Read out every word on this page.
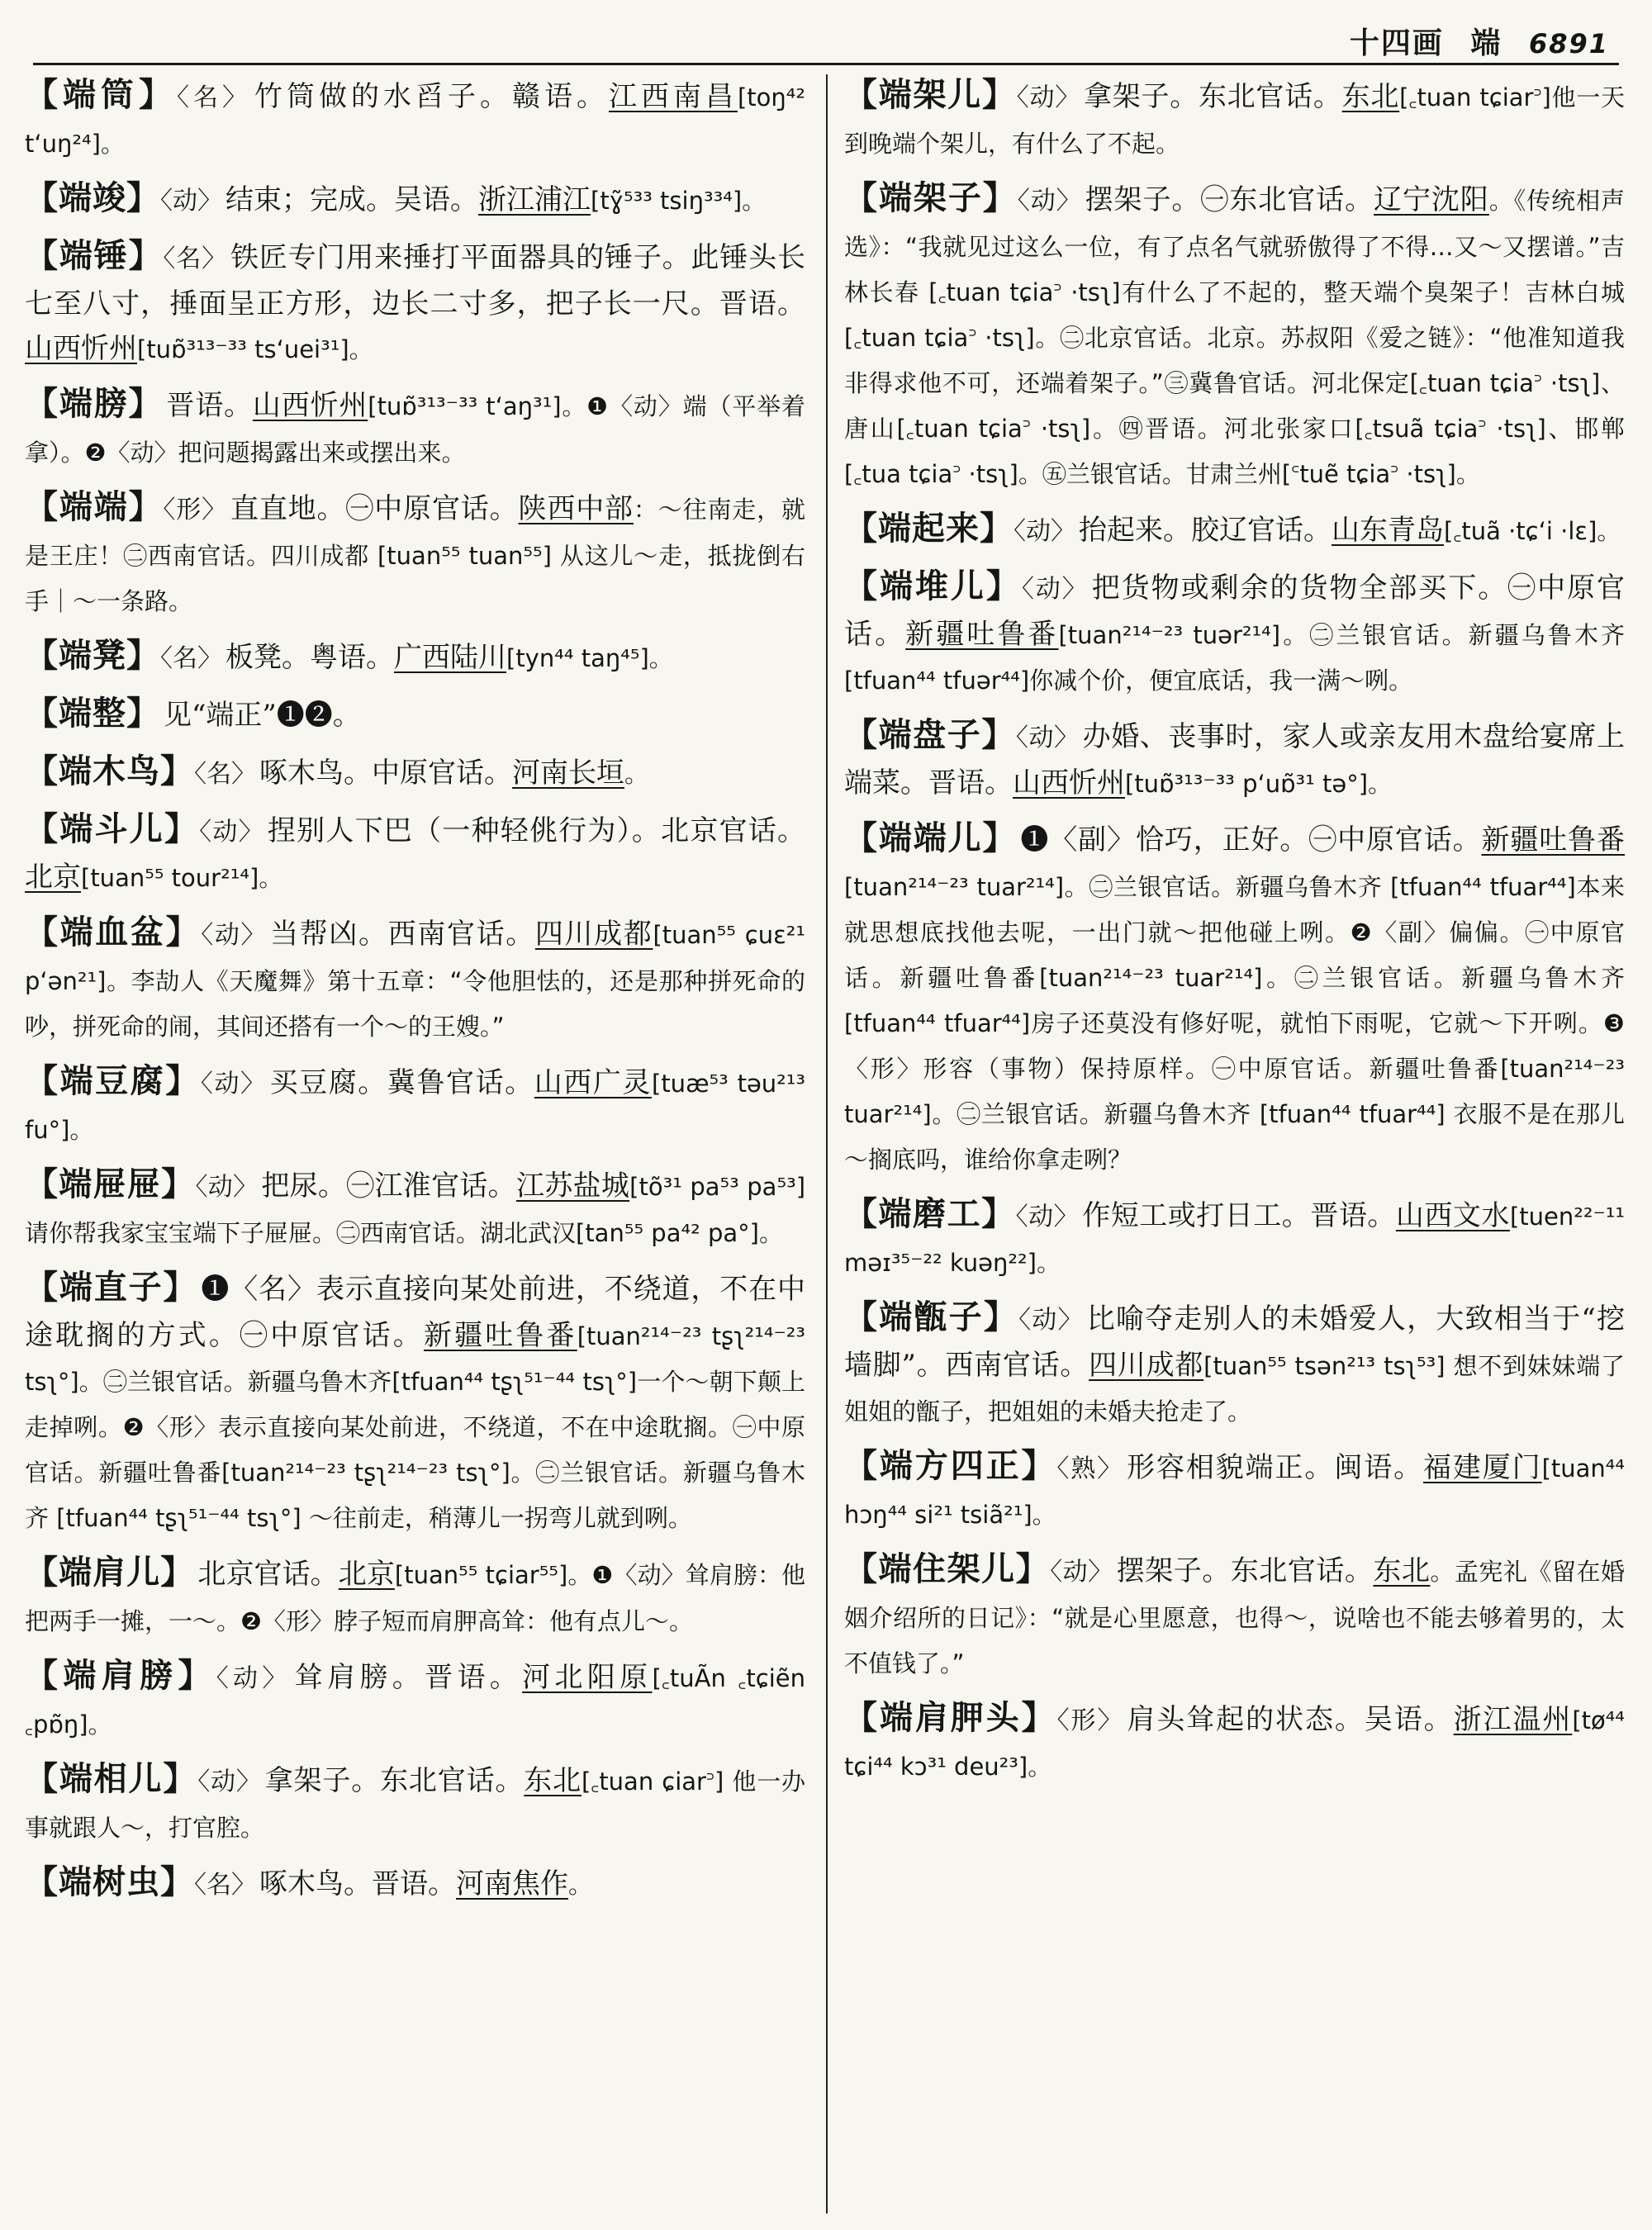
十四画 端 6891

【端筒】〈名〉 竹筒做的水舀子。赣语。江西南昌[toŋ⁴² tʻuŋ²⁴]。

【端竣】〈动〉 结束；完成。吴语。浙江浦江[tɣ̃⁵³³ tsiŋ³³⁴]。

【端锤】〈名〉 铁匠专门用来捶打平面器具的锤子。此锤头长七至八寸，捶面呈正方形，边长二寸多，把子长一尺。晋语。山西忻州[tuɒ̃³¹³⁻³³ tsʻuei³¹]。

【端膀】 晋语。山西忻州[tuɒ̃³¹³⁻³³ tʻaŋ³¹]。❶〈动〉端（平举着拿）。❷〈动〉把问题揭露出来或摆出来。

【端端】〈形〉 直直地。㊀中原官话。陕西中部：～往南走，就是王庄！㊁西南官话。四川成都 [tuan⁵⁵ tuan⁵⁵] 从这儿～走，抵拢倒右手｜～一条路。

【端凳】〈名〉 板凳。粤语。广西陆川[tyn⁴⁴ taŋ⁴⁵]。

【端整】 见“端正”❶❷。

【端木鸟】〈名〉 啄木鸟。中原官话。河南长垣。

【端斗儿】〈动〉 捏别人下巴（一种轻佻行为）。北京官话。北京[tuan⁵⁵ tour²¹⁴]。

【端血盆】〈动〉 当帮凶。西南官话。四川成都[tuan⁵⁵ ɕuɛ²¹ pʻən²¹]。李劼人《天魔舞》第十五章：“令他胆怯的，还是那种拼死命的吵，拼死命的闹，其间还搭有一个～的王嫂。”

【端豆腐】〈动〉 买豆腐。冀鲁官话。山西广灵[tuæ⁵³ təu²¹³ fu°]。

【端屉屉】〈动〉 把尿。㊀江淮官话。江苏盐城[tõ³¹ pa⁵³ pa⁵³] 请你帮我家宝宝端下子屉屉。㊁西南官话。湖北武汉[tan⁵⁵ pa⁴² pa°]。

【端直子】 ❶〈名〉表示直接向某处前进，不绕道，不在中途耽搁的方式。㊀中原官话。新疆吐鲁番[tuan²¹⁴⁻²³ tʂʅ²¹⁴⁻²³ tsʅ°]。㊁兰银官话。新疆乌鲁木齐[tfuan⁴⁴ tʂʅ⁵¹⁻⁴⁴ tsʅ°]一个～朝下颠上走掉咧。❷〈形〉表示直接向某处前进，不绕道，不在中途耽搁。㊀中原官话。新疆吐鲁番[tuan²¹⁴⁻²³ tʂʅ²¹⁴⁻²³ tsʅ°]。㊁兰银官话。新疆乌鲁木齐 [tfuan⁴⁴ tʂʅ⁵¹⁻⁴⁴ tsʅ°] ～往前走，稍薄儿一拐弯儿就到咧。

【端肩儿】 北京官话。北京[tuan⁵⁵ tɕiar⁵⁵]。❶〈动〉耸肩膀：他把两手一摊，一～。❷〈形〉脖子短而肩胛高耸：他有点儿～。

【端肩膀】〈动〉 耸肩膀。晋语。河北阳原[꜀tuÃn ꜀tɕiẽn ꜀pɒ̃ŋ]。

【端相儿】〈动〉 拿架子。东北官话。东北[꜀tuan ɕiar꜄] 他一办事就跟人～，打官腔。

【端树虫】〈名〉 啄木鸟。晋语。河南焦作。

【端架儿】〈动〉 拿架子。东北官话。东北[꜀tuan tɕiar꜄]他一天到晚端个架儿，有什么了不起。

【端架子】〈动〉 摆架子。㊀东北官话。辽宁沈阳。《传统相声选》：“我就见过这么一位，有了点名气就骄傲得了不得…又～又摆谱。”吉林长春 [꜀tuan tɕia꜄ ·tsʅ]有什么了不起的，整天端个臭架子！吉林白城[꜀tuan tɕia꜄ ·tsʅ]。㊁北京官话。北京。苏叔阳《爱之链》：“他准知道我非得求他不可，还端着架子。”㊂冀鲁官话。河北保定[꜀tuan tɕia꜄ ·tsʅ]、唐山[꜀tuan tɕia꜄ ·tsʅ]。㊃晋语。河北张家口[꜀tsuã tɕia꜄ ·tsʅ]、邯郸[꜀tua tɕia꜄ ·tsʅ]。㊄兰银官话。甘肃兰州[꜂tuẽ tɕia꜄ ·tsʅ]。

【端起来】〈动〉 抬起来。胶辽官话。山东青岛[꜀tuã ·tɕʻi ·lɛ]。

【端堆儿】〈动〉 把货物或剩余的货物全部买下。㊀中原官话。新疆吐鲁番[tuan²¹⁴⁻²³ tuər²¹⁴]。㊁兰银官话。新疆乌鲁木齐 [tfuan⁴⁴ tfuər⁴⁴]你减个价，便宜底话，我一满～咧。

【端盘子】〈动〉 办婚、丧事时，家人或亲友用木盘给宴席上端菜。晋语。山西忻州[tuɒ̃³¹³⁻³³ pʻuɒ̃³¹ tə°]。

【端端儿】 ❶〈副〉恰巧，正好。㊀中原官话。新疆吐鲁番[tuan²¹⁴⁻²³ tuar²¹⁴]。㊁兰银官话。新疆乌鲁木齐 [tfuan⁴⁴ tfuar⁴⁴]本来就思想底找他去呢，一出门就～把他碰上咧。❷〈副〉偏偏。㊀中原官话。新疆吐鲁番[tuan²¹⁴⁻²³ tuar²¹⁴]。㊁兰银官话。新疆乌鲁木齐[tfuan⁴⁴ tfuar⁴⁴]房子还莫没有修好呢，就怕下雨呢，它就～下开咧。❸〈形〉形容（事物）保持原样。㊀中原官话。新疆吐鲁番[tuan²¹⁴⁻²³ tuar²¹⁴]。㊁兰银官话。新疆乌鲁木齐 [tfuan⁴⁴ tfuar⁴⁴] 衣服不是在那儿～搁底吗，谁给你拿走咧？

【端磨工】〈动〉 作短工或打日工。晋语。山西文水[tuen²²⁻¹¹ məɪ³⁵⁻²² kuəŋ²²]。

【端甑子】〈动〉 比喻夺走别人的未婚爱人，大致相当于“挖墙脚”。西南官话。四川成都[tuan⁵⁵ tsən²¹³ tsʅ⁵³] 想不到妹妹端了姐姐的甑子，把姐姐的未婚夫抢走了。

【端方四正】〈熟〉 形容相貌端正。闽语。福建厦门[tuan⁴⁴ hɔŋ⁴⁴ si²¹ tsiã²¹]。

【端住架儿】〈动〉 摆架子。东北官话。东北。孟宪礼《留在婚姻介绍所的日记》：“就是心里愿意，也得～，说啥也不能去够着男的，太不值钱了。”

【端肩胛头】〈形〉 肩头耸起的状态。吴语。浙江温州[tø⁴⁴ tɕi⁴⁴ kɔ³¹ deu²³]。
